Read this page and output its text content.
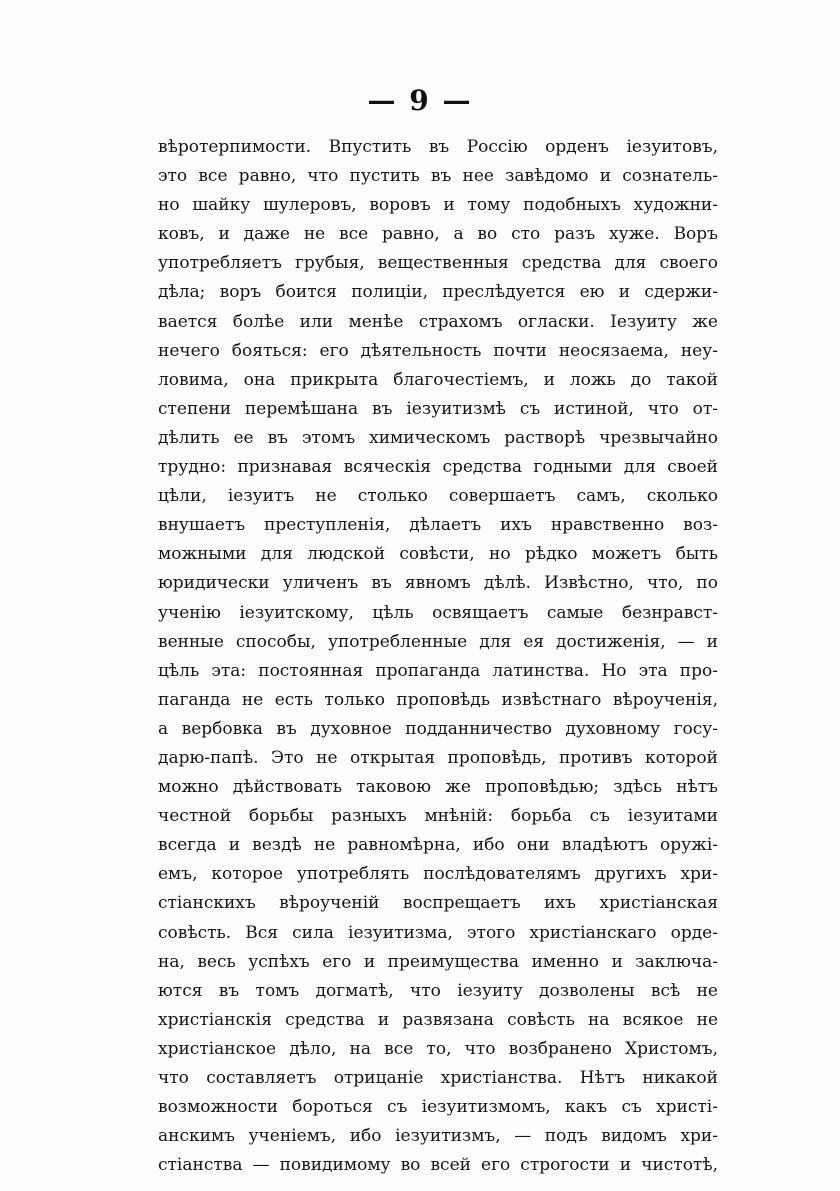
— 9 —
вѣротерпимости. Впустить въ Россію орденъ іезуитовъ,
это все равно, что пустить въ нее завѣдомо и сознатель-
но шайку шулеровъ, воровъ и тому подобныхъ художни-
ковъ, и даже не все равно, а во сто разъ хуже. Воръ
употребляетъ грубыя, вещественныя средства для своего
дѣла; воръ боится полиціи, преслѣдуется ею и сдержи-
вается болѣе или менѣе страхомъ огласки. Іезуиту же
нечего бояться: его дѣятельность почти неосязаема, неу-
ловима, она прикрыта благочестіемъ, и ложь до такой
степени перемѣшана въ іезуитизмѣ съ истиной, что от-
дѣлить ее въ этомъ химическомъ растворѣ чрезвычайно
трудно: признавая всяческія средства годными для своей
цѣли, іезуитъ не столько совершаетъ самъ, сколько
внушаетъ преступленія, дѣлаетъ ихъ нравственно воз-
можными для людской совѣсти, но рѣдко можетъ быть
юридически уличенъ въ явномъ дѣлѣ. Извѣстно, что, по
ученію іезуитскому, цѣль освящаетъ самые безнравст-
венные способы, употребленные для ея достиженія, — и
цѣль эта: постоянная пропаганда латинства. Но эта про-
паганда не есть только проповѣдь извѣстнаго вѣроученія,
а вербовка въ духовное подданничество духовному госу-
дарю-папѣ. Это не открытая проповѣдь, противъ которой
можно дѣйствовать таковою же проповѣдью; здѣсь нѣтъ
честной борьбы разныхъ мнѣній: борьба съ іезуитами
всегда и вездѣ не равномѣрна, ибо они владѣютъ оружі-
емъ, которое употреблять послѣдователямъ другихъ хри-
стіанскихъ вѣроученій воспрещаетъ ихъ христіанская
совѣсть. Вся сила іезуитизма, этого христіанскаго орде-
на, весь успѣхъ его и преимущества именно и заключа-
ются въ томъ догматѣ, что іезуиту дозволены всѣ не
христіанскія средства и развязана совѣсть на всякое не
христіанское дѣло, на все то, что возбранено Христомъ,
что составляетъ отрицаніе христіанства. Нѣтъ никакой
возможности бороться съ іезуитизмомъ, какъ съ христі-
анскимъ ученіемъ, ибо іезуитизмъ, — подъ видомъ хри-
стіанства — повидимому во всей его строгости и чистотѣ,
